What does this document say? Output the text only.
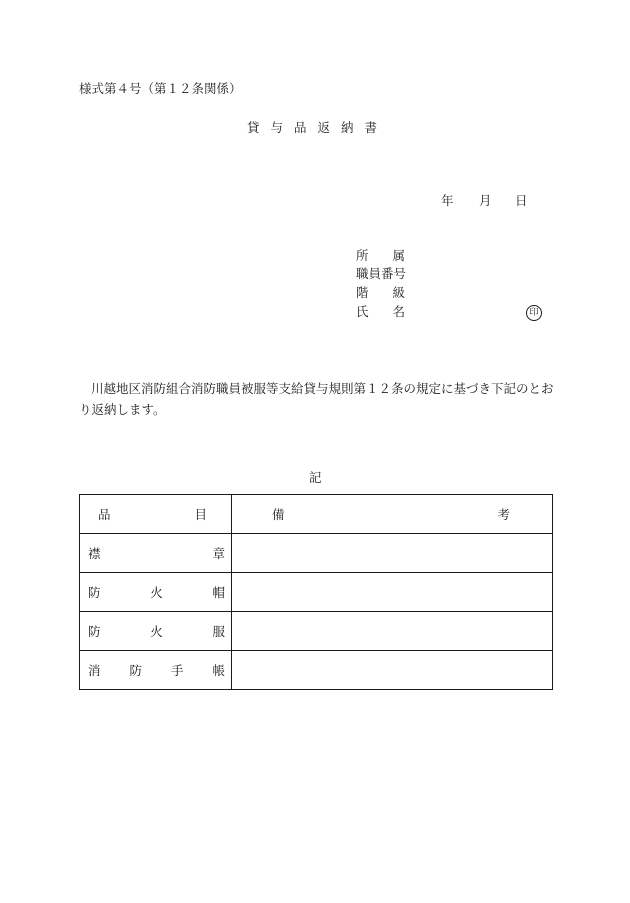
様式第４号（第１２条関係）
貸与品返納書
年 月 日
所 属
職員番号
階 級
氏 名	印
川越地区消防組合消防職員被服等支給貸与規則第１２条の規定に基づき下記のとおり返納します。
記
品 目	備 考

襟 章	

防 火 帽	

防 火 服	

消 防 手 帳	
